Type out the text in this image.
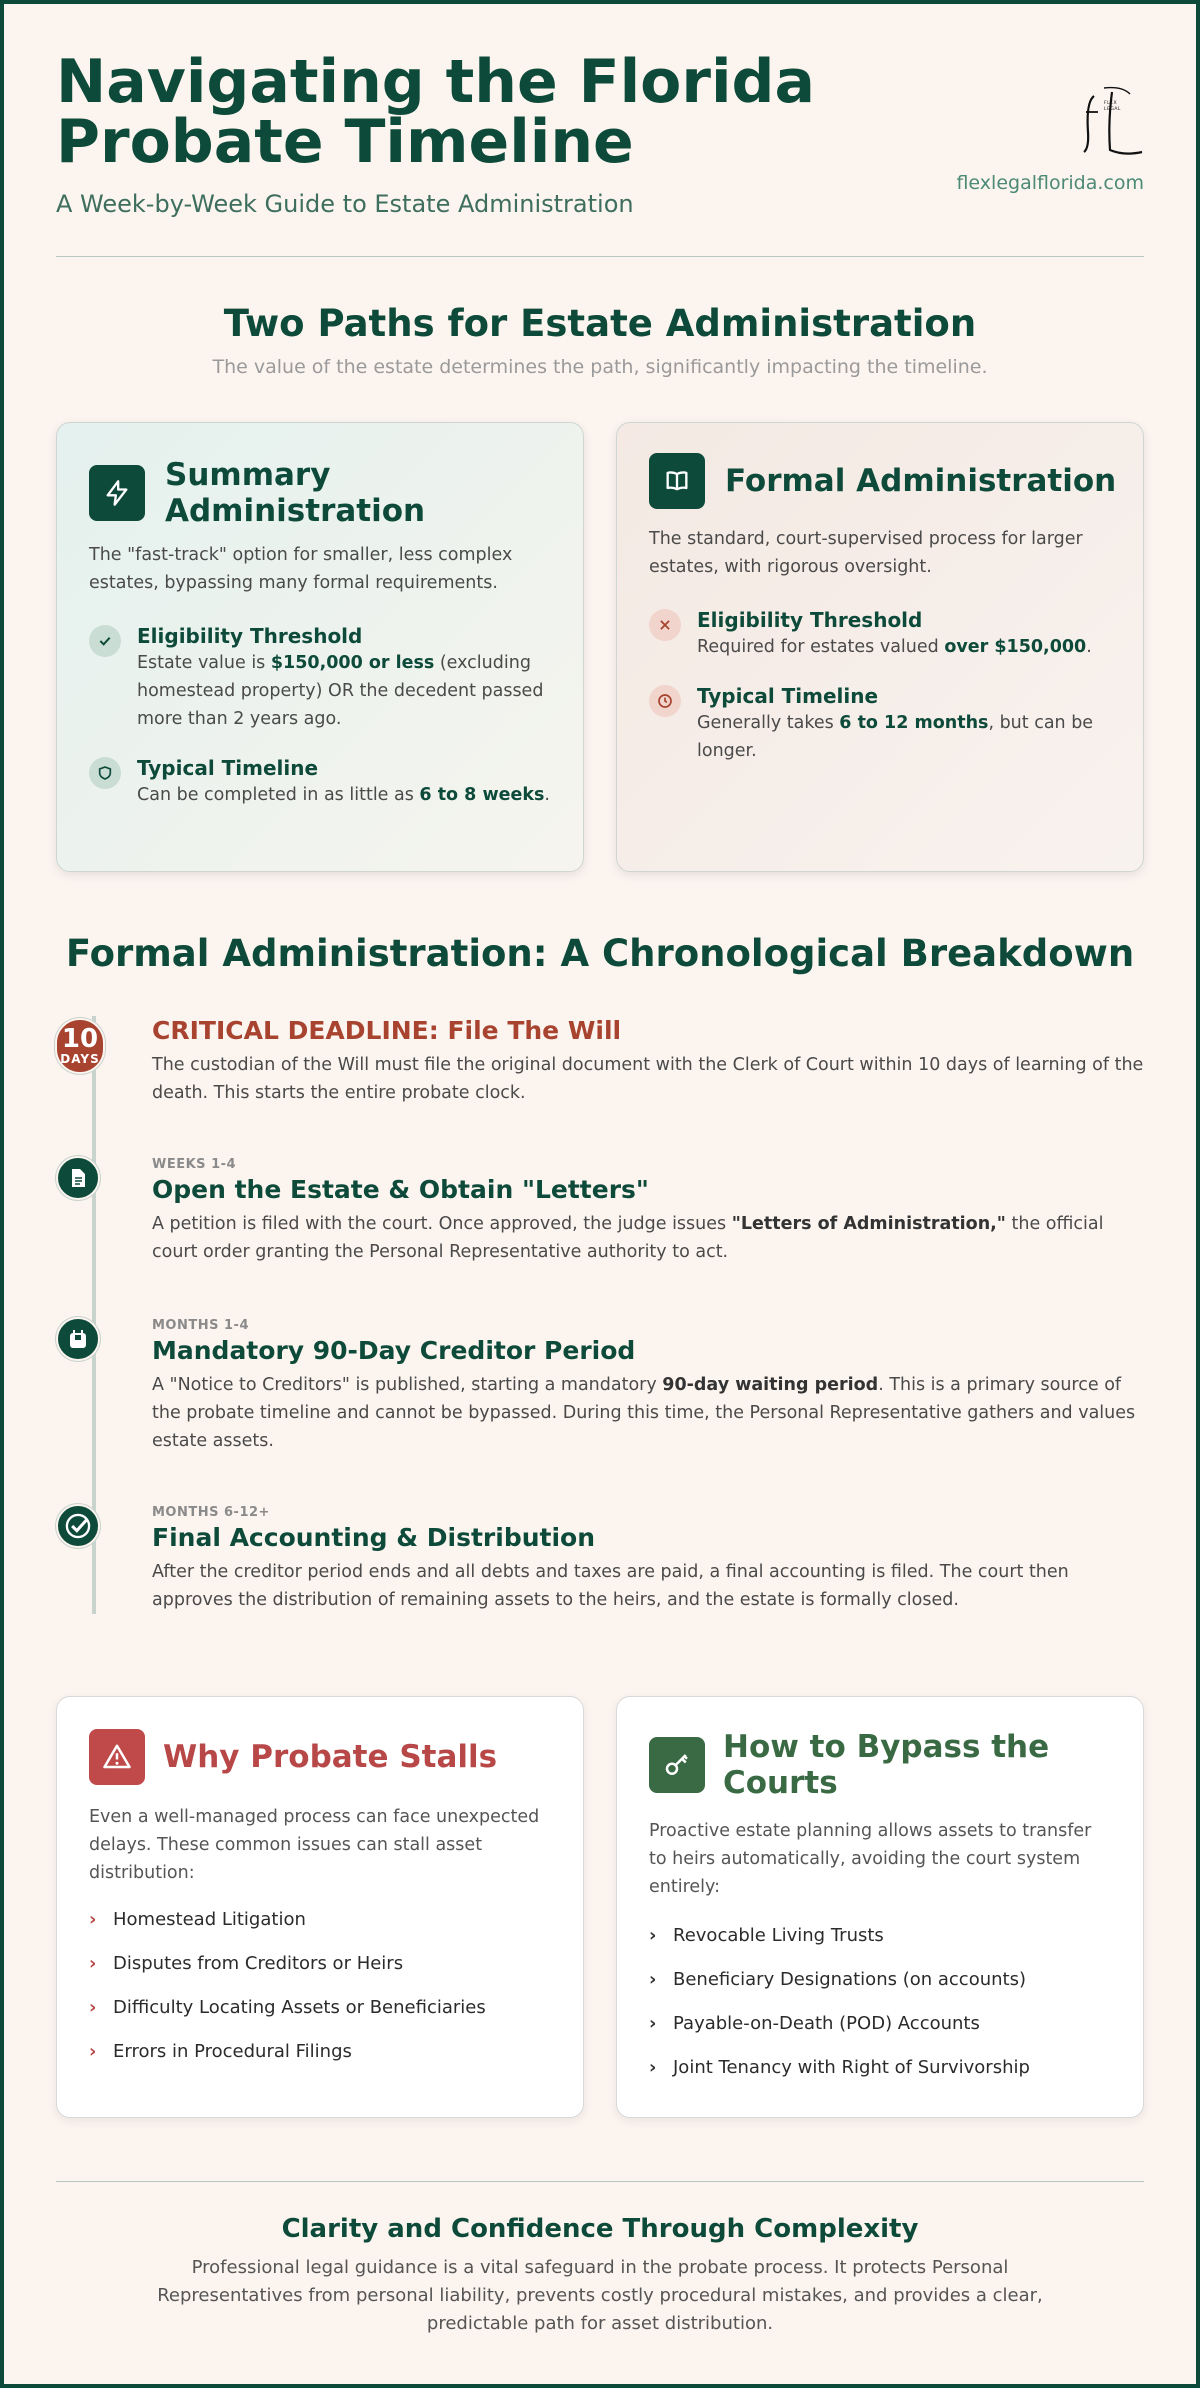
Navigating the Florida Probate Timeline
A Week-by-Week Guide to Estate Administration
FLEX
LEGAL
flexlegalflorida.com
Two Paths for Estate Administration
The value of the estate determines the path, significantly impacting the timeline.
Summary Administration
The "fast-track" option for smaller, less complex estates, bypassing many formal requirements.
Eligibility Threshold
Estate value is $150,000 or less (excluding homestead property) OR the decedent passed more than 2 years ago.
Typical Timeline
Can be completed in as little as 6 to 8 weeks.
Formal Administration
The standard, court-supervised process for larger estates, with rigorous oversight.
Eligibility Threshold
Required for estates valued over $150,000.
Typical Timeline
Generally takes 6 to 12 months, but can be longer.
Formal Administration: A Chronological Breakdown
10
DAYS
CRITICAL DEADLINE: File The Will
The custodian of the Will must file the original document with the Clerk of Court within 10 days of learning of the death. This starts the entire probate clock.
WEEKS 1-4
Open the Estate & Obtain "Letters"
A petition is filed with the court. Once approved, the judge issues "Letters of Administration," the official court order granting the Personal Representative authority to act.
MONTHS 1-4
Mandatory 90-Day Creditor Period
A "Notice to Creditors" is published, starting a mandatory 90-day waiting period. This is a primary source of the probate timeline and cannot be bypassed. During this time, the Personal Representative gathers and values estate assets.
MONTHS 6-12+
Final Accounting & Distribution
After the creditor period ends and all debts and taxes are paid, a final accounting is filed. The court then approves the distribution of remaining assets to the heirs, and the estate is formally closed.
Why Probate Stalls
Even a well-managed process can face unexpected delays. These common issues can stall asset distribution:
› Homestead Litigation
› Disputes from Creditors or Heirs
› Difficulty Locating Assets or Beneficiaries
› Errors in Procedural Filings
How to Bypass the Courts
Proactive estate planning allows assets to transfer to heirs automatically, avoiding the court system entirely:
› Revocable Living Trusts
› Beneficiary Designations (on accounts)
› Payable-on-Death (POD) Accounts
› Joint Tenancy with Right of Survivorship
Clarity and Confidence Through Complexity
Professional legal guidance is a vital safeguard in the probate process. It protects Personal Representatives from personal liability, prevents costly procedural mistakes, and provides a clear, predictable path for asset distribution.
